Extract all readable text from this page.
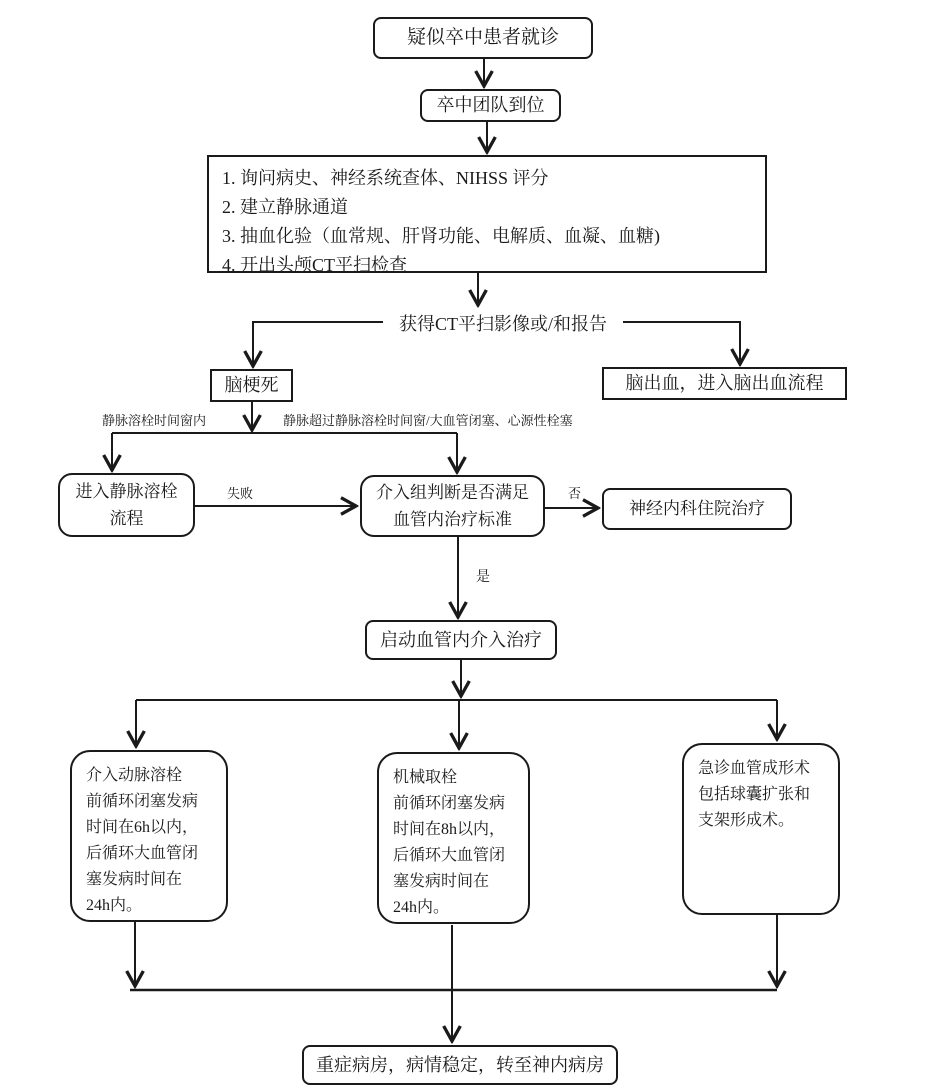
疑似卒中患者就诊
卒中团队到位
1. 询问病史、神经系统查体、NIHSS 评分
2. 建立静脉通道
3. 抽血化验（血常规、肝肾功能、电解质、血凝、血糖)
4. 开出头颅CT平扫检查
获得CT平扫影像或/和报告
脑梗死	脑出血，进入脑出血流程
进入静脉溶栓
流程
介入组判断是否满足
血管内治疗标准
神经内科住院治疗
启动血管内介入治疗
介入动脉溶栓
前循环闭塞发病
时间在6h以内，
后循环大血管闭
塞发病时间在
24h内。
机械取栓
前循环闭塞发病
时间在8h以内，
后循环大血管闭
塞发病时间在
24h内。
急诊血管成形术
包括球囊扩张和
支架形成术。
重症病房，病情稳定，转至神内病房
静脉溶栓时间窗内	静脉超过静脉溶栓时间窗/大血管闭塞、心源性栓塞
失败	否
是
